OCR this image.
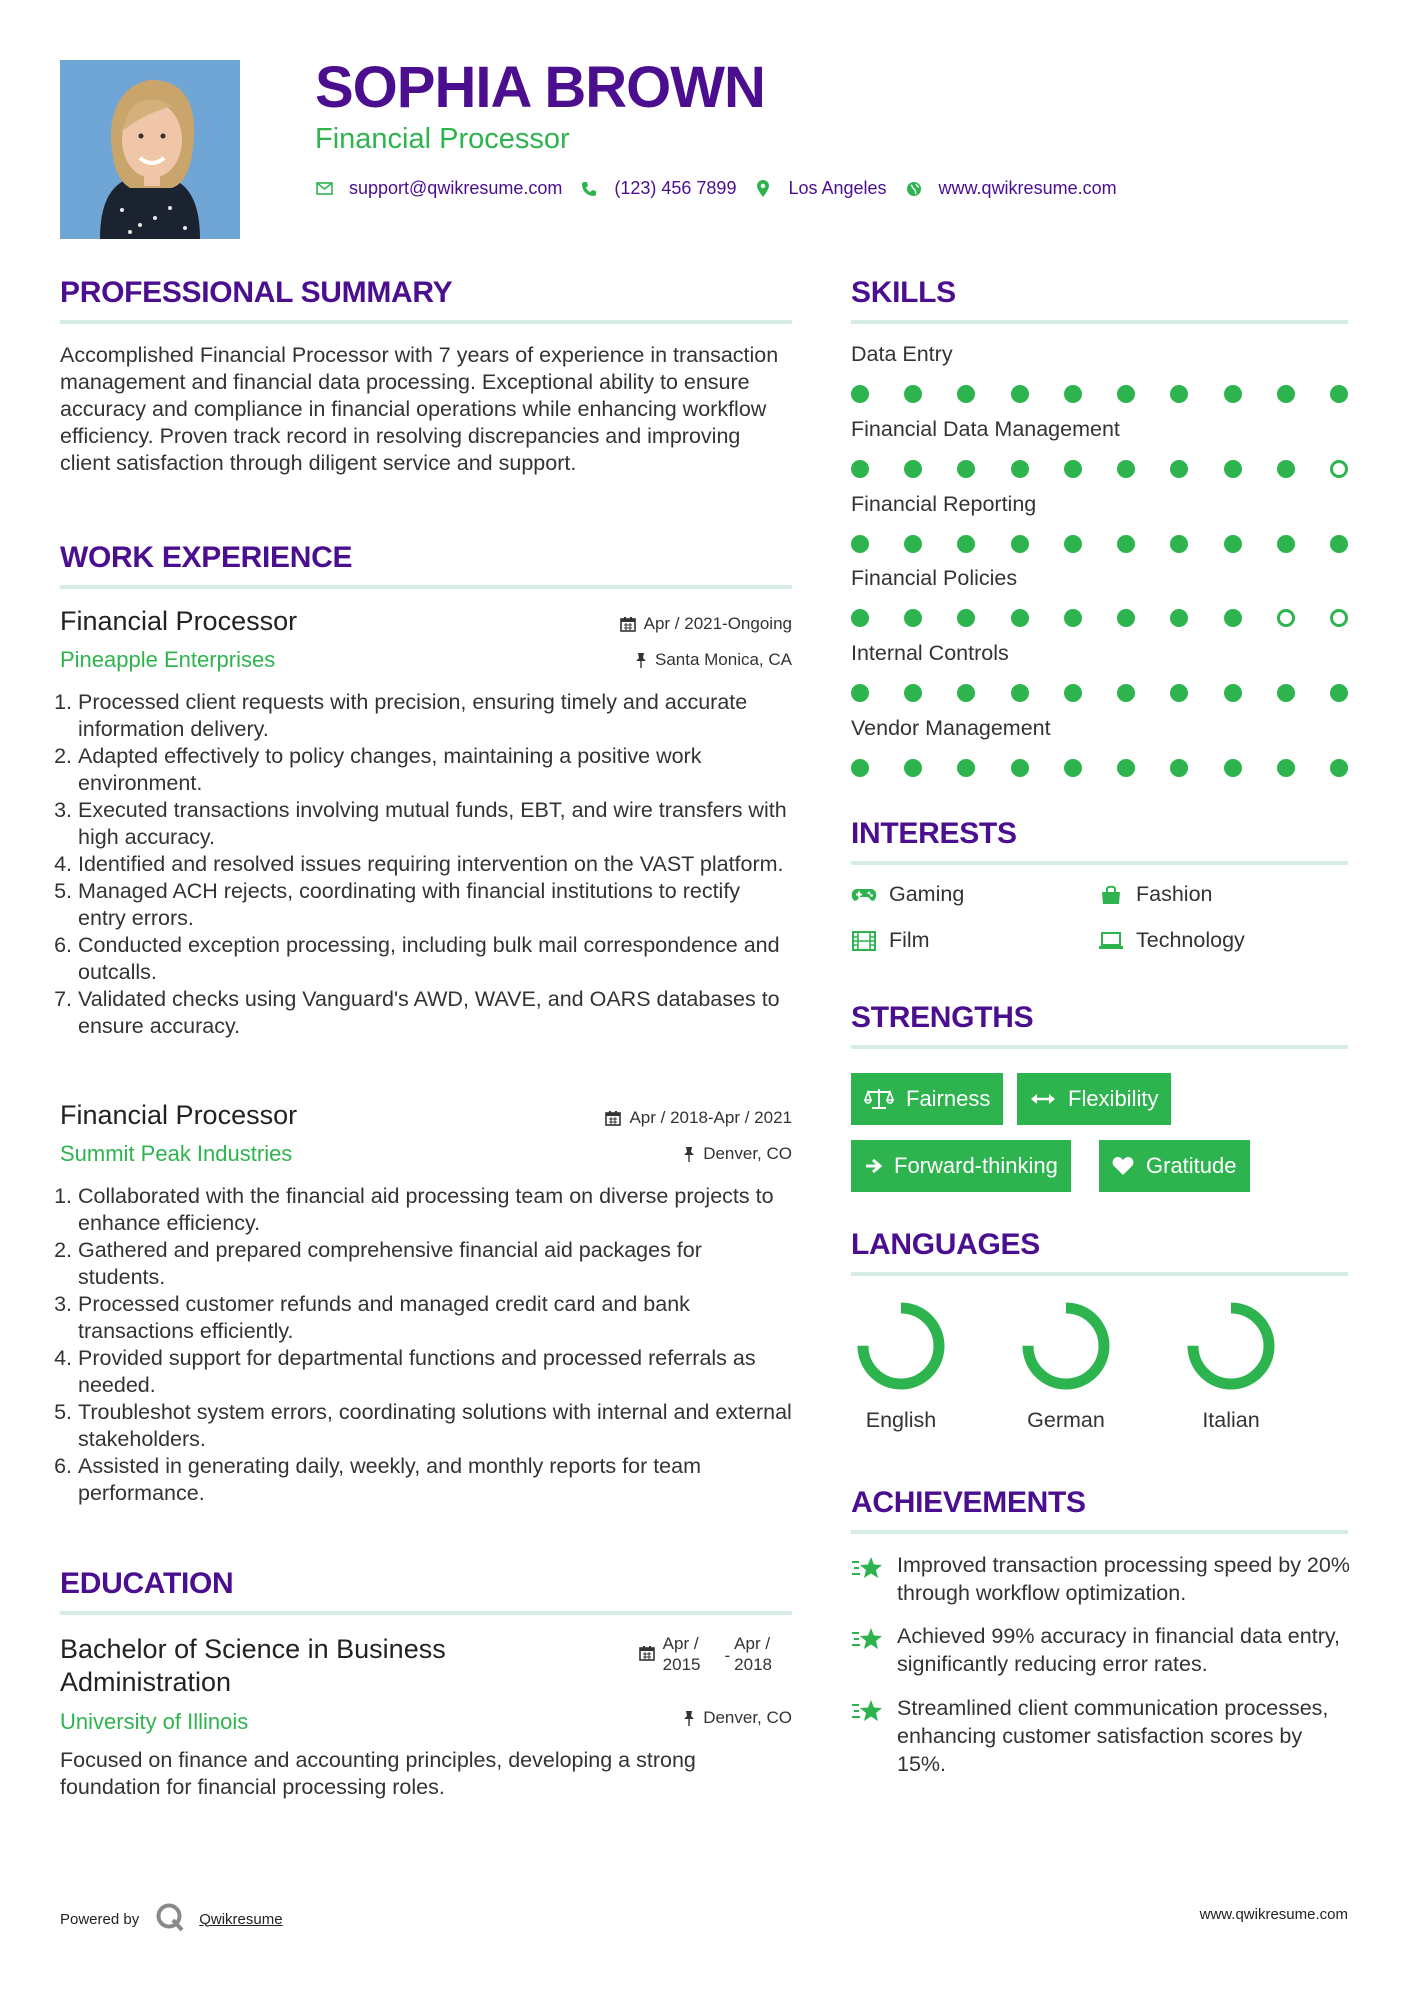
SOPHIA BROWN
Financial Processor
support@qwikresume.com	(123) 456 7899	Los Angeles	www.qwikresume.com
PROFESSIONAL SUMMARY
Accomplished Financial Processor with 7 years of experience in transaction management and financial data processing. Exceptional ability to ensure accuracy and compliance in financial operations while enhancing workflow efficiency. Proven track record in resolving discrepancies and improving client satisfaction through diligent service and support.
WORK EXPERIENCE
Financial Processor
Pineapple Enterprises
Apr / 2021-Ongoing
Santa Monica, CA
1. Processed client requests with precision, ensuring timely and accurate information delivery.
2. Adapted effectively to policy changes, maintaining a positive work environment.
3. Executed transactions involving mutual funds, EBT, and wire transfers with high accuracy.
4. Identified and resolved issues requiring intervention on the VAST platform.
5. Managed ACH rejects, coordinating with financial institutions to rectify entry errors.
6. Conducted exception processing, including bulk mail correspondence and outcalls.
7. Validated checks using Vanguard's AWD, WAVE, and OARS databases to ensure accuracy.
Financial Processor
Summit Peak Industries
Apr / 2018-Apr / 2021
Denver, CO
1. Collaborated with the financial aid processing team on diverse projects to enhance efficiency.
2. Gathered and prepared comprehensive financial aid packages for students.
3. Processed customer refunds and managed credit card and bank transactions efficiently.
4. Provided support for departmental functions and processed referrals as needed.
5. Troubleshot system errors, coordinating solutions with internal and external stakeholders.
6. Assisted in generating daily, weekly, and monthly reports for team performance.
EDUCATION
Bachelor of Science in Business
Administration
University of Illinois
Apr /
2015 -
Apr /
2018
Denver, CO
Focused on finance and accounting principles, developing a strong foundation for financial processing roles.
SKILLS
Data Entry
Financial Data Management
Financial Reporting
Financial Policies
Internal Controls
Vendor Management
INTERESTS
Gaming	Fashion
Film	Technology
STRENGTHS
Fairness	Flexibility
Forward-thinking	Gratitude
LANGUAGES
English	German	Italian
ACHIEVEMENTS
Improved transaction processing speed by 20% through workflow optimization.
Achieved 99% accuracy in financial data entry, significantly reducing error rates.
Streamlined client communication processes, enhancing customer satisfaction scores by 15%.
Powered by	Qwikresume	www.qwikresume.com
